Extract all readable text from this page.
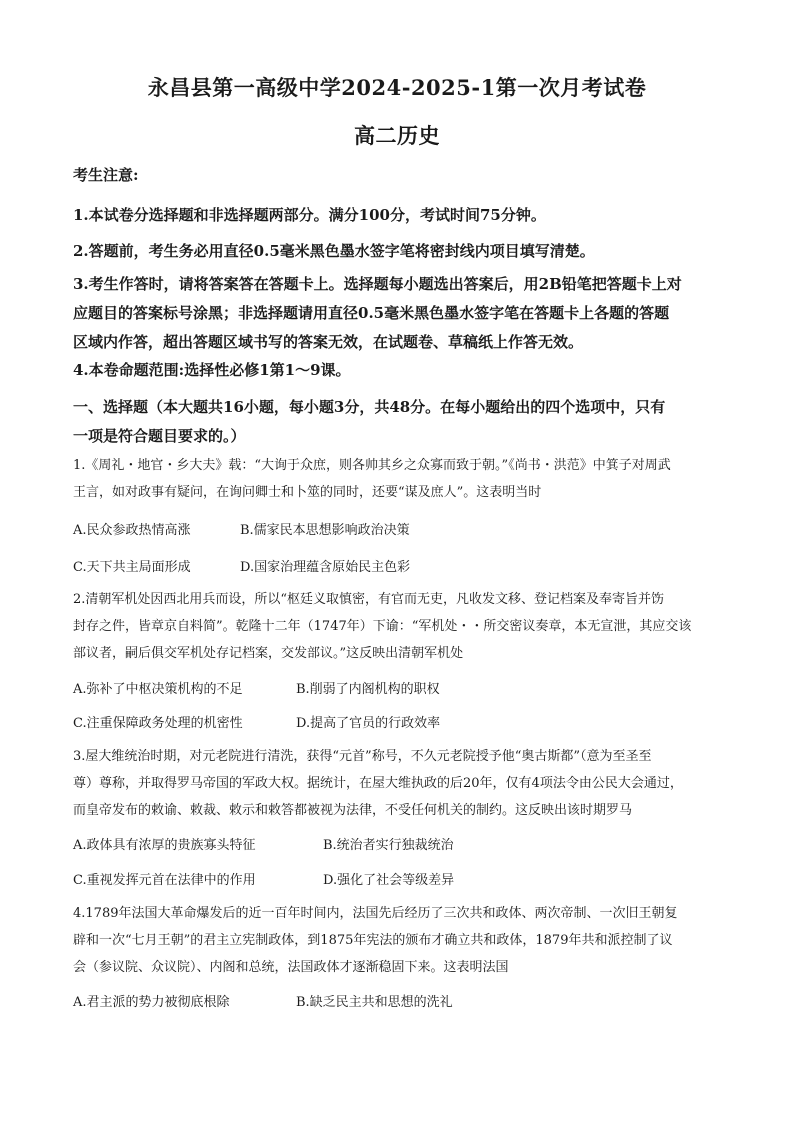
永昌县第一高级中学2024-2025-1第一次月考试卷
高二历史
考生注意:
1.本试卷分选择题和非选择题两部分。满分100分，考试时间75分钟。
2.答题前，考生务必用直径0.5毫米黑色墨水签字笔将密封线内项目填写清楚。
3.考生作答时，请将答案答在答题卡上。选择题每小题选出答案后，用2B铅笔把答题卡上对
应题目的答案标号涂黑；非选择题请用直径0.5毫米黑色墨水签字笔在答题卡上各题的答题
区域内作答，超出答题区域书写的答案无效，在试题卷、草稿纸上作答无效。
4.本卷命题范围:选择性必修1第1～9课。
一、选择题（本大题共16小题，每小题3分，共48分。在每小题给出的四个选项中，只有
一项是符合题目要求的。）
1.《周礼・地官・乡大夫》载：“大询于众庶，则各帅其乡之众寡而致于朝。”《尚书・洪范》中箕子对周武
王言，如对政事有疑问，在询问卿士和卜筮的同时，还要“谋及庶人”。这表明当时
A.民众参政热情高涨	B.儒家民本思想影响政治决策
C.天下共主局面形成	D.国家治理蕴含原始民主色彩
2.清朝军机处因西北用兵而设，所以“枢廷义取慎密，有官而无吏，凡收发文移、登记档案及奉寄旨并饬
封存之件，皆章京自料简”。乾隆十二年（1747年）下谕：“军机处・・所交密议奏章，本无宣泄，其应交该
部议者，嗣后俱交军机处存记档案，交发部议。”这反映出清朝军机处
A.弥补了中枢决策机构的不足	B.削弱了内阁机构的职权
C.注重保障政务处理的机密性	D.提高了官员的行政效率
3.屋大维统治时期，对元老院进行清洗，获得“元首”称号，不久元老院授予他“奥古斯都”（意为至圣至
尊）尊称，并取得罗马帝国的军政大权。据统计，在屋大维执政的后20年，仅有4项法令由公民大会通过，
而皇帝发布的敕谕、敕裁、敕示和敕答都被视为法律，不受任何机关的制约。这反映出该时期罗马
A.政体具有浓厚的贵族寡头特征	B.统治者实行独裁统治
C.重视发挥元首在法律中的作用	D.强化了社会等级差异
4.1789年法国大革命爆发后的近一百年时间内，法国先后经历了三次共和政体、两次帝制、一次旧王朝复
辟和一次“七月王朝”的君主立宪制政体，到1875年宪法的颁布才确立共和政体，1879年共和派控制了议
会（参议院、众议院）、内阁和总统，法国政体才逐渐稳固下来。这表明法国
A.君主派的势力被彻底根除	B.缺乏民主共和思想的洗礼
